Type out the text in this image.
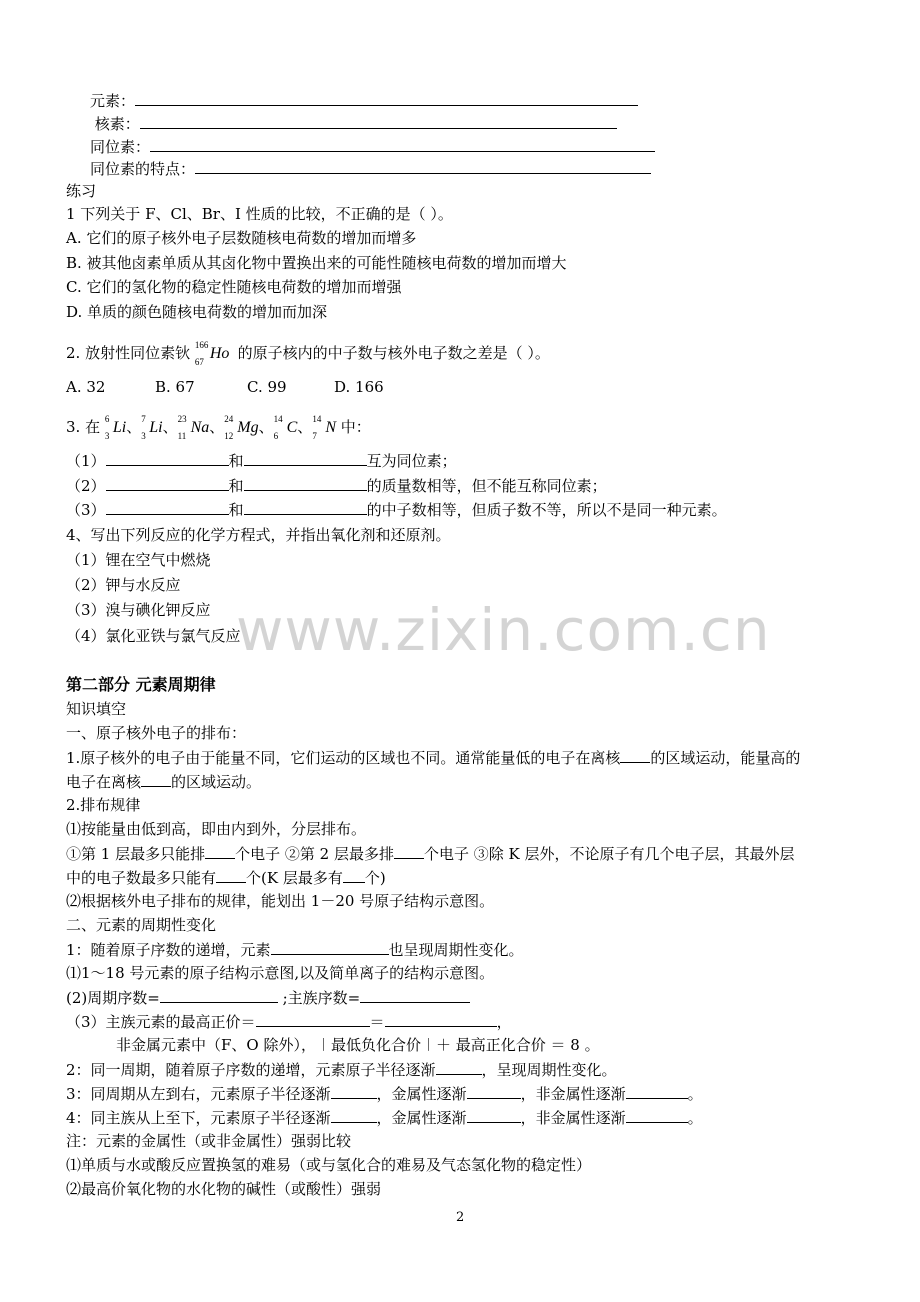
元素：
核素：
同位素：
同位素的特点：
练习
1 下列关于 F、Cl、Br、I 性质的比较，不正确的是（ ）。
A. 它们的原子核外电子层数随核电荷数的增加而增多
B. 被其他卤素单质从其卤化物中置换出来的可能性随核电荷数的增加而增大
C. 它们的氢化物的稳定性随核电荷数的增加而增强
D. 单质的颜色随核电荷数的增加而加深
2. 放射性同位素钬 166
67 Ho 的原子核内的中子数与核外电子数之差是（ ）。
A. 32	B. 67	C. 99	D. 166
3. 在 6
3 Li、 7
3 Li、 23
11 Na、 24
12 Mg、 14
6 C、 14
7 N 中：
（1）	和	互为同位素；
（2）	和	的质量数相等，但不能互称同位素；
（3）	和	的中子数相等，但质子数不等，所以不是同一种元素。
4、写出下列反应的化学方程式，并指出氧化剂和还原剂。
（1）锂在空气中燃烧
（2）钾与水反应
（3）溴与碘化钾反应
（4）氯化亚铁与氯气反应
www.zixin.com.cn
第二部分 元素周期律
知识填空
一、原子核外电子的排布：
1.原子核外的电子由于能量不同，它们运动的区域也不同。通常能量低的电子在离核 的区域运动，能量高的
电子在离核 的区域运动。
2.排布规律
⑴按能量由低到高，即由内到外，分层排布。
①第 1 层最多只能排 个电子 ②第 2 层最多排 个电子 ③除 K 层外，不论原子有几个电子层，其最外层
中的电子数最多只能有 个(K 层最多有 个)
⑵根据核外电子排布的规律，能划出 1－20 号原子结构示意图。
二、元素的周期性变化
1：随着原子序数的递增，元素	也呈现周期性变化。
⑴1～18 号元素的原子结构示意图,以及简单离子的结构示意图。
(2)周期序数=	;主族序数=
（3）主族元素的最高正价＝	＝	，
非金属元素中（F、O 除外），︱最低负化合价︱＋ 最高正化合价 ＝ 8 。
2：同一周期，随着原子序数的递增，元素原子半径逐渐	，呈现周期性变化。
3：同周期从左到右，元素原子半径逐渐	，金属性逐渐	，非金属性逐渐	。
4：同主族从上至下，元素原子半径逐渐	，金属性逐渐	，非金属性逐渐	。
注：元素的金属性（或非金属性）强弱比较
⑴单质与水或酸反应置换氢的难易（或与氢化合的难易及气态氢化物的稳定性）
⑵最高价氧化物的水化物的碱性（或酸性）强弱
2
